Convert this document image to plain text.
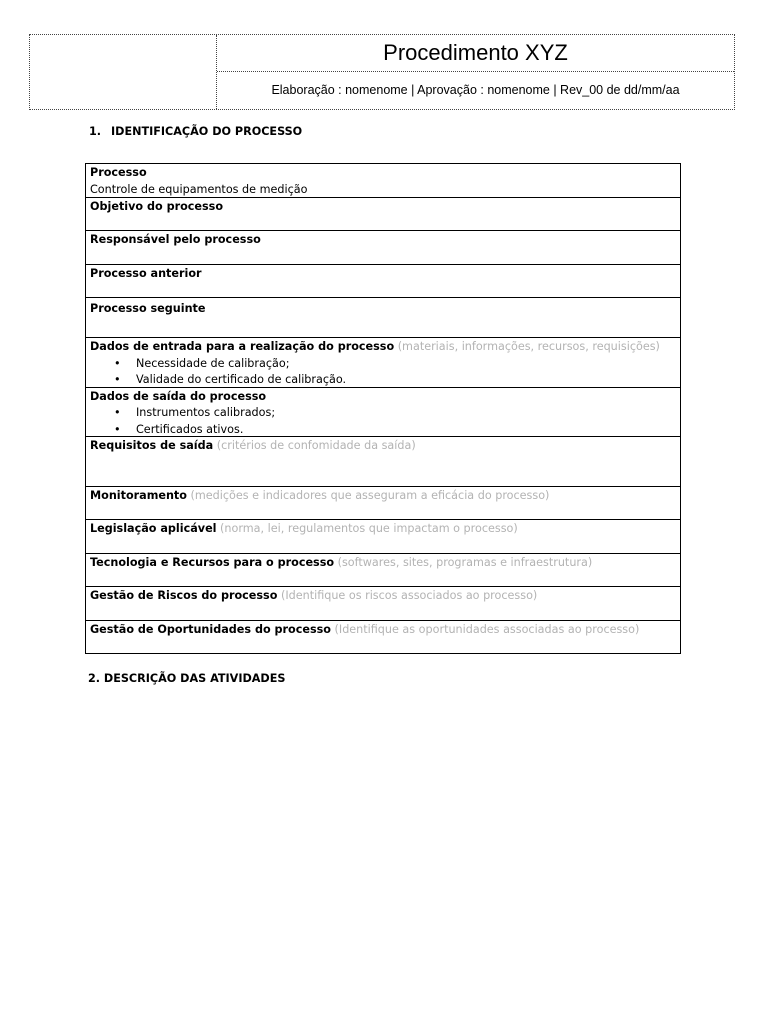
Procedimento XYZ
Elaboração : nomenome | Aprovação : nomenome | Rev_00 de dd/mm/aa
1. IDENTIFICAÇÃO DO PROCESSO
Processo
Controle de equipamentos de medição
Objetivo do processo
Responsável pelo processo
Processo anterior
Processo seguinte
Dados de entrada para a realização do processo (materiais, informações, recursos, requisições)
• Necessidade de calibração;
• Validade do certificado de calibração.
Dados de saída do processo
• Instrumentos calibrados;
• Certificados ativos.
Requisitos de saída (critérios de confomidade da saída)
Monitoramento (medições e indicadores que asseguram a eficácia do processo)
Legislação aplicável (norma, lei, regulamentos que impactam o processo)
Tecnologia e Recursos para o processo (softwares, sites, programas e infraestrutura)
Gestão de Riscos do processo (Identifique os riscos associados ao processo)
Gestão de Oportunidades do processo (Identifique as oportunidades associadas ao processo)
2. DESCRIÇÃO DAS ATIVIDADES
